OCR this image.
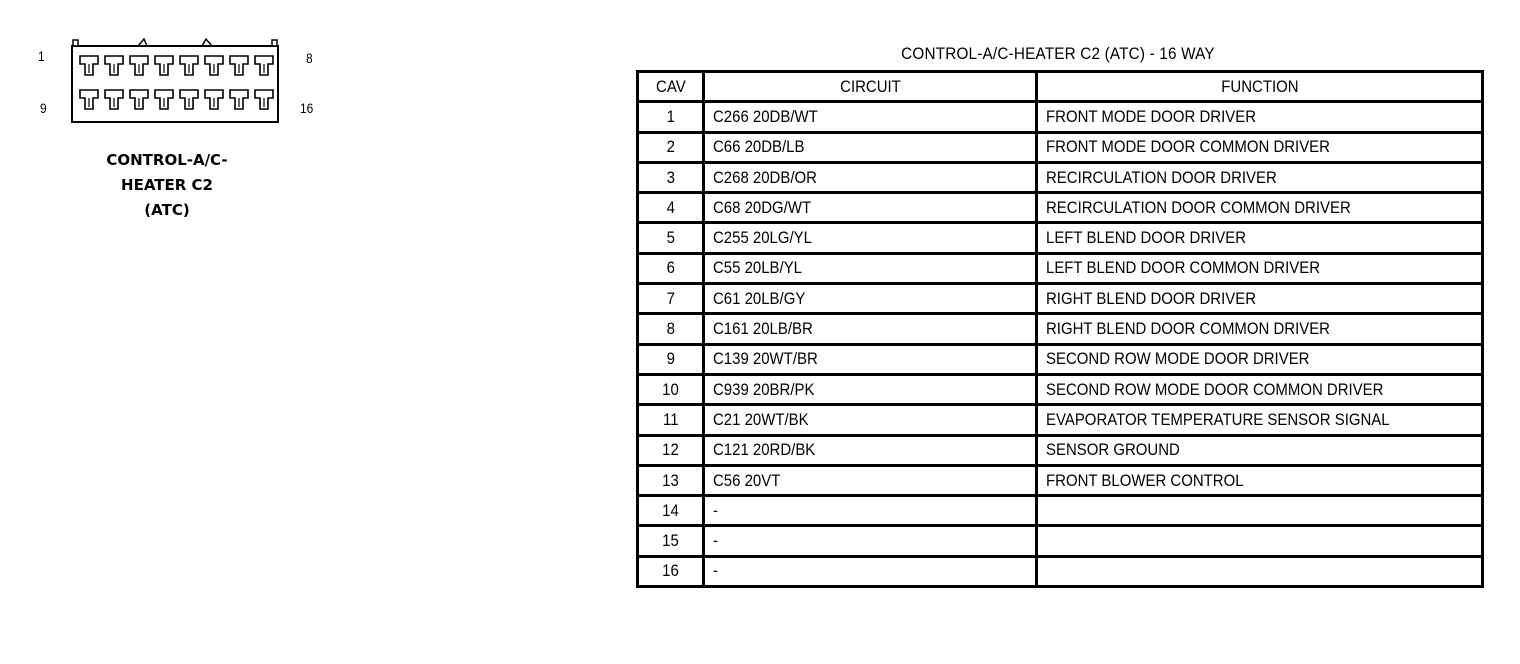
1	8
9	16
CONTROL-A/C-
HEATER C2
(ATC)
CONTROL-A/C-HEATER C2 (ATC) - 16 WAY
CAV	CIRCUIT	FUNCTION
1	C266 20DB/WT	FRONT MODE DOOR DRIVER
2	C66 20DB/LB	FRONT MODE DOOR COMMON DRIVER
3	C268 20DB/OR	RECIRCULATION DOOR DRIVER
4	C68 20DG/WT	RECIRCULATION DOOR COMMON DRIVER
5	C255 20LG/YL	LEFT BLEND DOOR DRIVER
6	C55 20LB/YL	LEFT BLEND DOOR COMMON DRIVER
7	C61 20LB/GY	RIGHT BLEND DOOR DRIVER
8	C161 20LB/BR	RIGHT BLEND DOOR COMMON DRIVER
9	C139 20WT/BR	SECOND ROW MODE DOOR DRIVER
10	C939 20BR/PK	SECOND ROW MODE DOOR COMMON DRIVER
11	C21 20WT/BK	EVAPORATOR TEMPERATURE SENSOR SIGNAL
12	C121 20RD/BK	SENSOR GROUND
13	C56 20VT	FRONT BLOWER CONTROL
14	-	
15	-	
16	-	
